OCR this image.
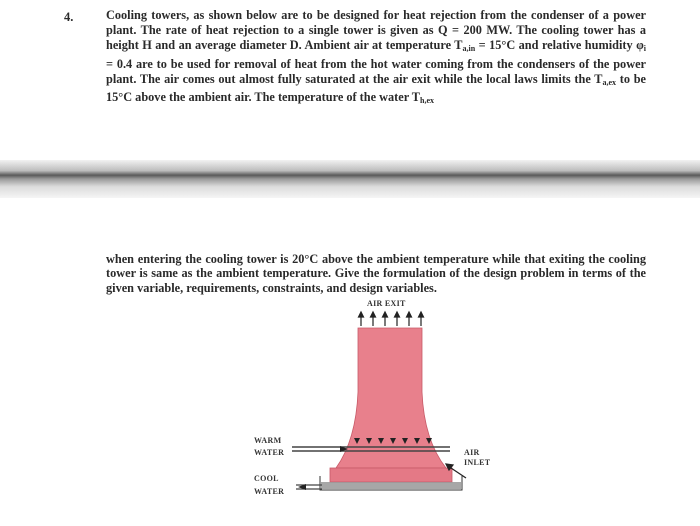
4.	Cooling towers, as shown below are to be designed for heat rejection from the condenser of a power plant. The rate of heat rejection to a single tower is given as Q = 200 MW. The cooling tower has a height H and an average diameter D. Ambient air at temperature $T_{a,in} = 15^\circ C$ and relative humidity $\varphi_i = 0.4$ are to be used for removal of heat from the hot water coming from the condensers of the power plant. The air comes out almost fully saturated at the air exit while the local laws limits the $T_{a,ex}$ to be 15°C above the ambient air. The temperature of the water $T_{h,ex}$
when entering the cooling tower is 20°C above the ambient temperature while that exiting the cooling tower is same as the ambient temperature. Give the formulation of the design problem in terms of the given variable, requirements, constraints, and design variables.
AIR EXIT
WARM
WATER
COOL
WATER
AIR
INLET
